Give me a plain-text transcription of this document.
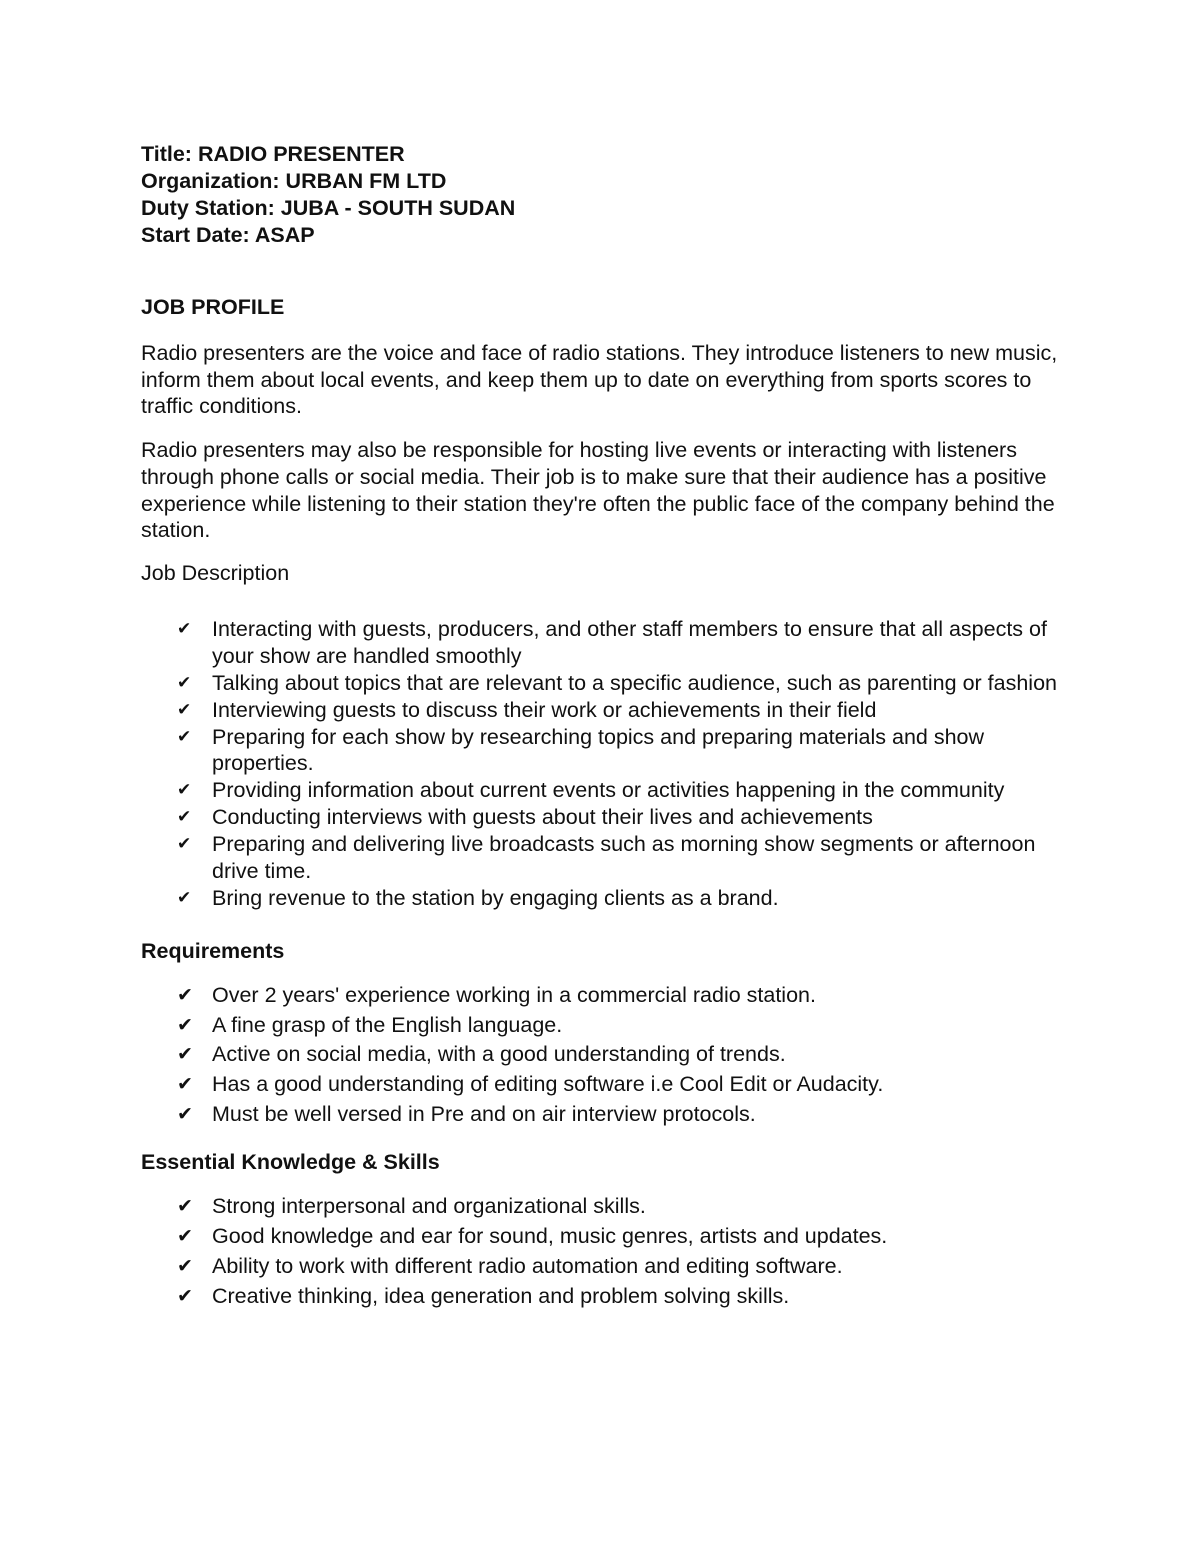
Title: RADIO PRESENTER

Organization: URBAN FM LTD

Duty Station: JUBA - SOUTH SUDAN

Start Date: ASAP

JOB PROFILE

Radio presenters are the voice and face of radio stations. They introduce listeners to new music, inform them about local events, and keep them up to date on everything from sports scores to traffic conditions.

Radio presenters may also be responsible for hosting live events or interacting with listeners through phone calls or social media. Their job is to make sure that their audience has a positive experience while listening to their station they're often the public face of the company behind the station.

Job Description

✔ Interacting with guests, producers, and other staff members to ensure that all aspects of your show are handled smoothly
✔ Talking about topics that are relevant to a specific audience, such as parenting or fashion
✔ Interviewing guests to discuss their work or achievements in their field
✔ Preparing for each show by researching topics and preparing materials and show properties.
✔ Providing information about current events or activities happening in the community
✔ Conducting interviews with guests about their lives and achievements
✔ Preparing and delivering live broadcasts such as morning show segments or afternoon drive time.
✔ Bring revenue to the station by engaging clients as a brand.
Requirements
✔ Over 2 years' experience working in a commercial radio station.
✔ A fine grasp of the English language.
✔ Active on social media, with a good understanding of trends.
✔ Has a good understanding of editing software i.e Cool Edit or Audacity.
✔ Must be well versed in Pre and on air interview protocols.
Essential Knowledge & Skills
✔ Strong interpersonal and organizational skills.
✔ Good knowledge and ear for sound, music genres, artists and updates.
✔ Ability to work with different radio automation and editing software.
✔ Creative thinking, idea generation and problem solving skills.
